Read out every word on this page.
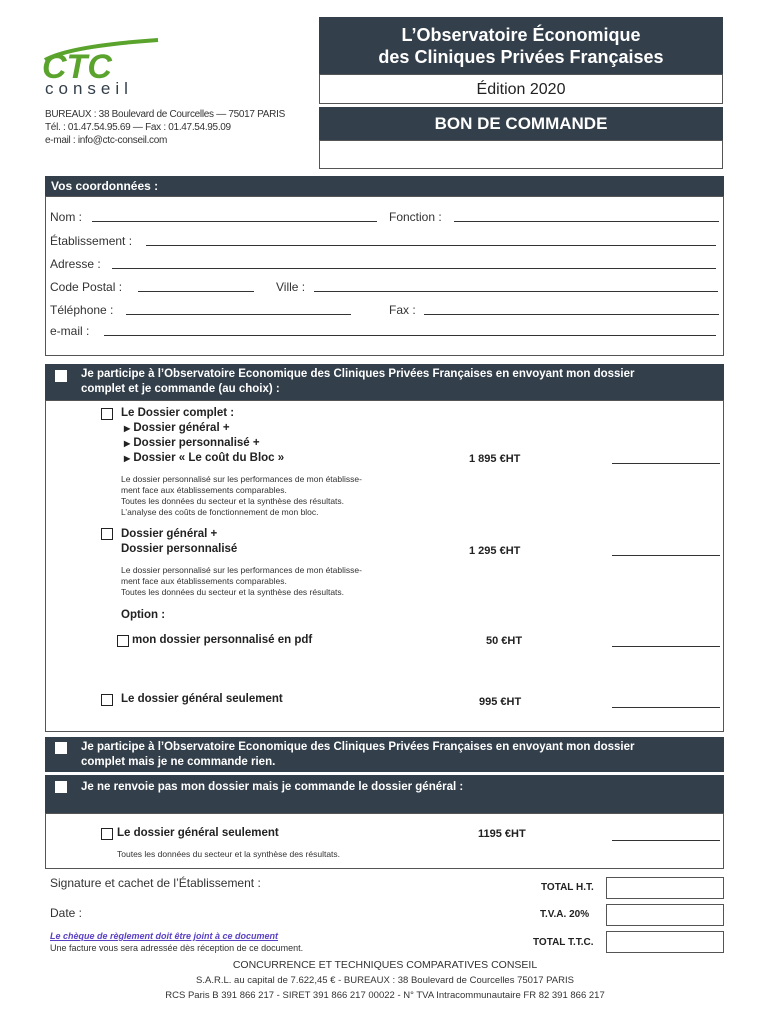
CTC
conseil
BUREAUX : 38 Boulevard de Courcelles — 75017 PARIS
Tél. : 01.47.54.95.69 — Fax : 01.47.54.95.09
e-mail : info@ctc-conseil.com
L’Observatoire Économique
des Cliniques Privées Françaises
Édition 2020
BON DE COMMANDE
Vos coordonnées :
Nom :	Fonction :
Établissement :
Adresse :
Code Postal :	Ville :
Téléphone :	Fax :
e-mail :
Je participe à l’Observatoire Economique des Cliniques Privées Françaises en envoyant mon dossier
complet et je commande (au choix) :
Le Dossier complet :
▶ Dossier général +
▶ Dossier personnalisé +
▶ Dossier « Le coût du Bloc »	1 895 €HT
Le dossier personnalisé sur les performances de mon établisse-
ment face aux établissements comparables.
Toutes les données du secteur et la synthèse des résultats.
L’analyse des coûts de fonctionnement de mon bloc.
Dossier général +
Dossier personnalisé	1 295 €HT
Le dossier personnalisé sur les performances de mon établisse-
ment face aux établissements comparables.
Toutes les données du secteur et la synthèse des résultats.
Option :
mon dossier personnalisé en pdf	50 €HT
Le dossier général seulement	995 €HT
Je participe à l’Observatoire Economique des Cliniques Privées Françaises en envoyant mon dossier
complet mais je ne commande rien.
Je ne renvoie pas mon dossier mais je commande le dossier général :
Le dossier général seulement	1195 €HT
Toutes les données du secteur et la synthèse des résultats.
Signature et cachet de l’Établissement :
Date :
Le chèque de règlement doit être joint à ce document
Une facture vous sera adressée dès réception de ce document.
TOTAL H.T.
T.V.A. 20%
TOTAL T.T.C.
CONCURRENCE ET TECHNIQUES COMPARATIVES CONSEIL
S.A.R.L. au capital de 7.622,45 € - BUREAUX : 38 Boulevard de Courcelles 75017 PARIS
RCS Paris B 391 866 217 - SIRET 391 866 217 00022 - N° TVA Intracommunautaire FR 82 391 866 217
